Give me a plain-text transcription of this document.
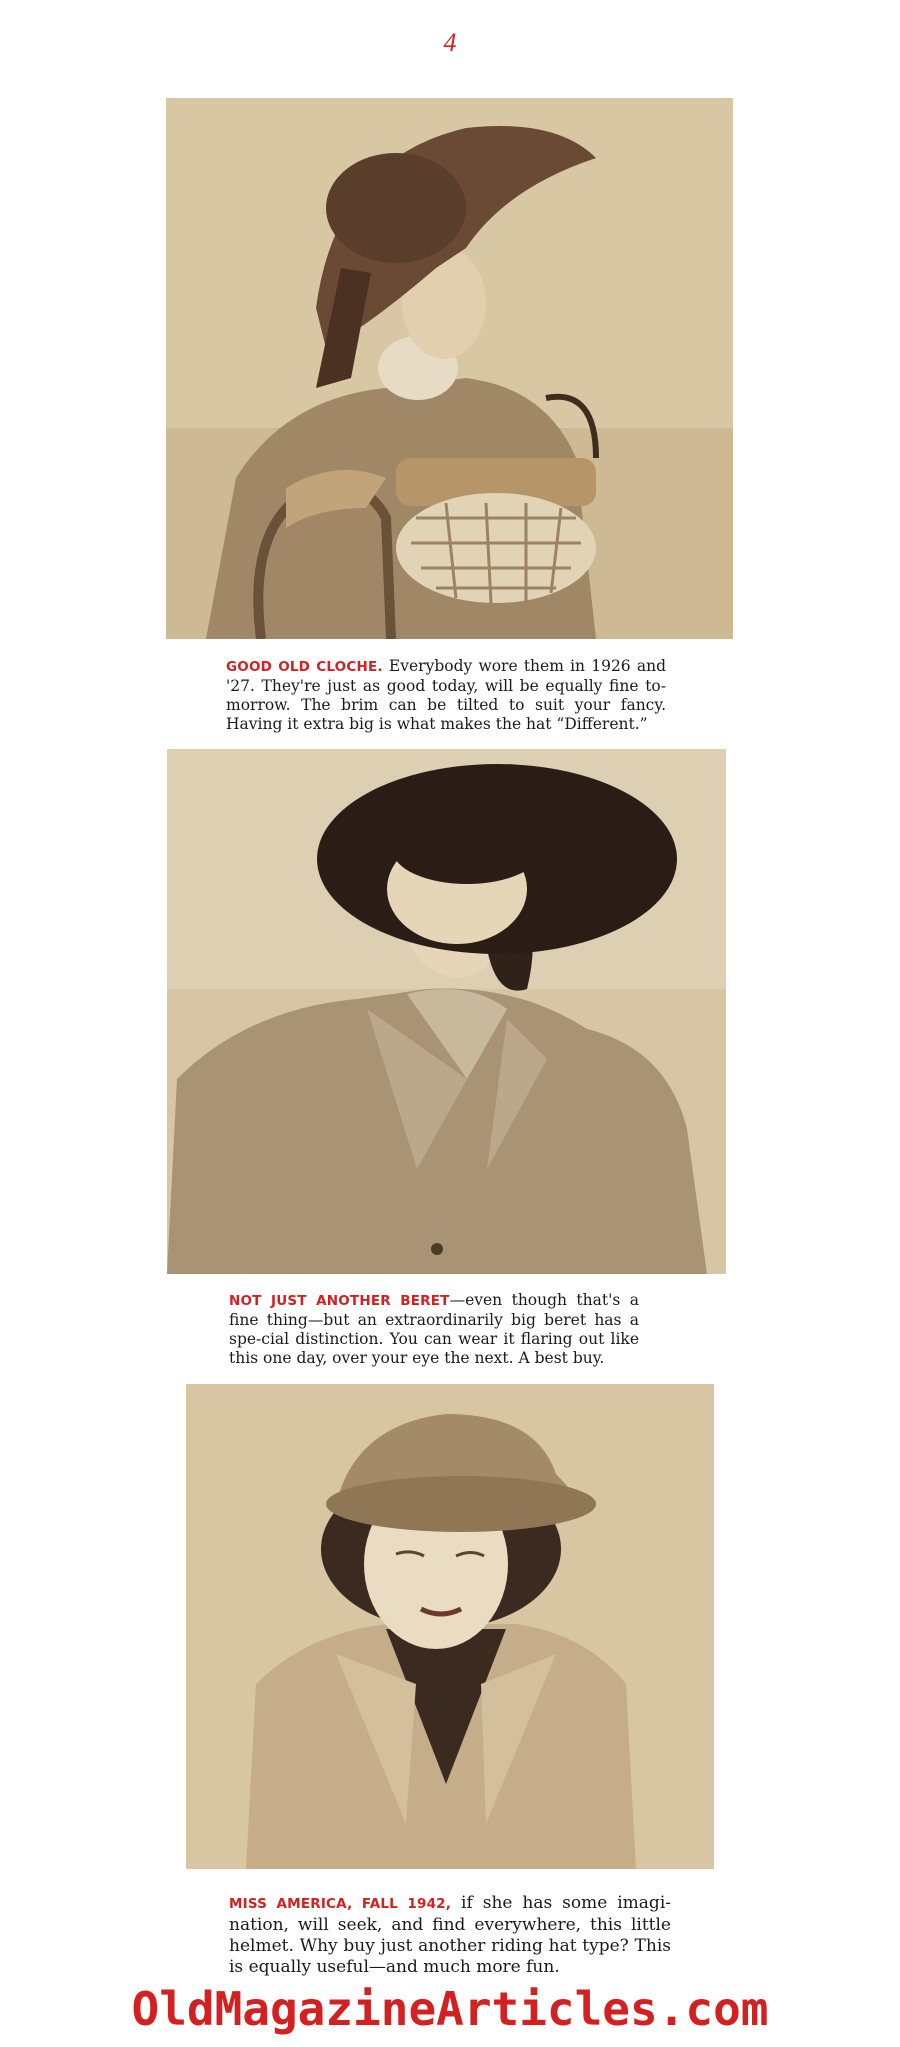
4
GOOD OLD CLOCHE. Everybody wore them in 1926 and '27. They're just as good today, will be equally fine to-morrow. The brim can be tilted to suit your fancy. Having it extra big is what makes the hat “Different.”
NOT JUST ANOTHER BERET—even though that's a fine thing—but an extraordinarily big beret has a spe-cial distinction. You can wear it flaring out like this one day, over your eye the next. A best buy.
MISS AMERICA, FALL 1942, if she has some imagi-nation, will seek, and find everywhere, this little helmet. Why buy just another riding hat type? This is equally useful—and much more fun.
OldMagazineArticles.com
